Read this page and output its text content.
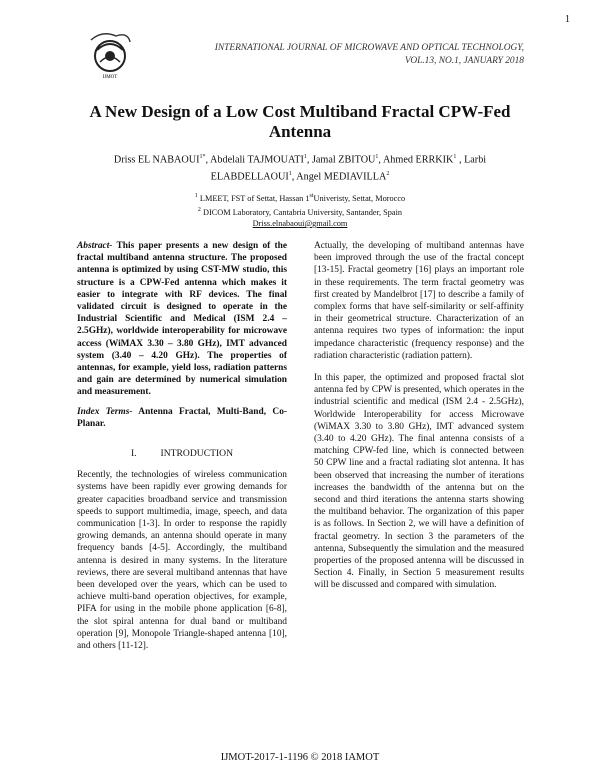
1
IJMOT
INTERNATIONAL JOURNAL OF MICROWAVE AND OPTICAL TECHNOLOGY,
VOL.13, NO.1, JANUARY 2018
A New Design of a Low Cost Multiband Fractal CPW-Fed Antenna
Driss EL $NABAOUI^{1*}$, Abdelali TAJMOUATI$^1$, Jamal ZBITOU$^1$, Ahmed ERRKIK$^1$ , Larbi ELABDELLAOUI$^1$, Angel MEDIAVILLA$^2$
$^1$ LMEET, FST of Settat, Hassan 1stUniveristy, Settat, Morocco
$^2$ DICOM Laboratory, Cantabria University, Santander, Spain
Driss.elnabaoui@gmail.com

Abstract- This paper presents a new design of the fractal multiband antenna structure. The proposed antenna is optimized by using CST-MW studio, this structure is a CPW-Fed antenna which makes it easier to integrate with RF devices. The final validated circuit is designed to operate in the Industrial Scientific and Medical (ISM 2.4 – 2.5GHz), worldwide interoperability for microwave access (WiMAX 3.30 – 3.80 GHz), IMT advanced system (3.40 – 4.20 GHz). The properties of antennas, for example, yield loss, radiation patterns and gain are determined by numerical simulation and measurement.

Index Terms- Antenna Fractal, Multi-Band, Co-Planar.

I.	INTRODUCTION

Recently, the technologies of wireless communication systems have been rapidly ever growing demands for greater capacities broadband service and transmission speeds to support multimedia, image, speech, and data communication [1-3]. In order to response the rapidly growing demands, an antenna should operate in many frequency bands [4-5]. Accordingly, the multiband antenna is desired in many systems. In the literature reviews, there are several multiband antennas that have been developed over the years, which can be used to achieve multi-band operation objectives, for example, PIFA for using in the mobile phone application [6-8], the slot spiral antenna for dual band or multiband operation [9], Monopole Triangle-shaped antenna [10], and others [11-12].

Actually, the developing of multiband antennas have been improved through the use of the fractal concept [13-15]. Fractal geometry [16] plays an important role in these requirements. The term fractal geometry was first created by Mandelbrot [17] to describe a family of complex forms that have self-similarity or self-affinity in their geometrical structure. Characterization of an antenna requires two types of information: the input impedance characteristic (frequency response) and the radiation characteristic (radiation pattern).

In this paper, the optimized and proposed fractal slot antenna fed by CPW is presented, which operates in the industrial scientific and medical (ISM 2.4 - 2.5GHz), Worldwide Interoperability for access Microwave (WiMAX 3.30 to 3.80 GHz), IMT advanced system (3.40 to 4.20 GHz). The final antenna consists of a matching CPW-fed line, which is connected between 50 CPW line and a fractal radiating slot antenna. It has been observed that increasing the number of iterations increases the bandwidth of the antenna but on the second and third iterations the antenna starts showing the multiband behavior. The organization of this paper is as follows. In Section 2, we will have a definition of fractal geometry. In section 3 the parameters of the antenna, Subsequently the simulation and the measured properties of the proposed antenna will be discussed in Section 4. Finally, in Section 5 measurement results will be discussed and compared with simulation.

IJMOT-2017-1-1196 © 2018 IAMOT
